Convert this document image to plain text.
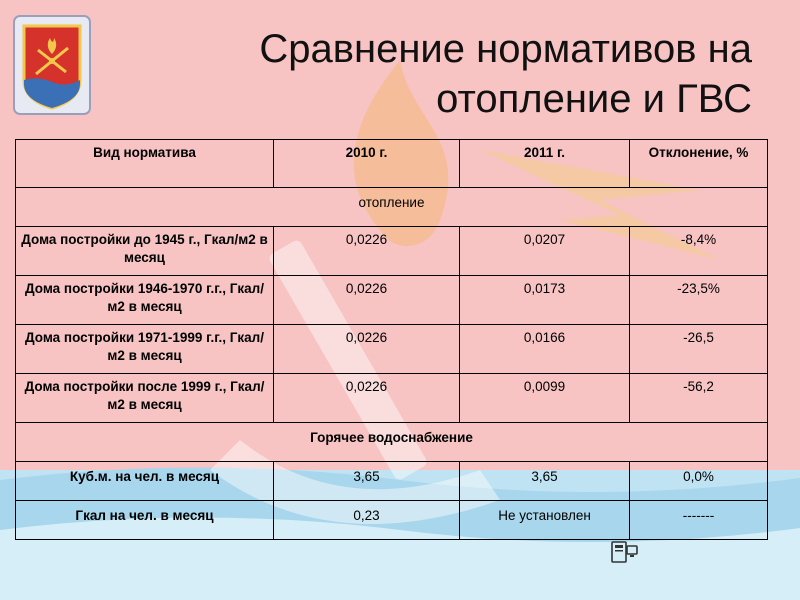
Сравнение нормативов на
отопление и ГВС
Вид норматива	2010 г.	2011 г.	Отклонение, %
отопление			
Дома постройки до 1945 г., Гкал/м2 в месяц	0,0226	0,0207	-8,4%
Дома постройки 1946-1970 г.г., Гкал/м2 в месяц	0,0226	0,0173	-23,5%
Дома постройки 1971-1999 г.г., Гкал/м2 в месяц	0,0226	0,0166	-26,5
Дома постройки после 1999 г., Гкал/м2 в месяц	0,0226	0,0099	-56,2
Горячее водоснабжение			
Куб.м. на чел. в месяц	3,65	3,65	0,0%
Гкал на чел. в месяц	0,23	Не установлен	-------
